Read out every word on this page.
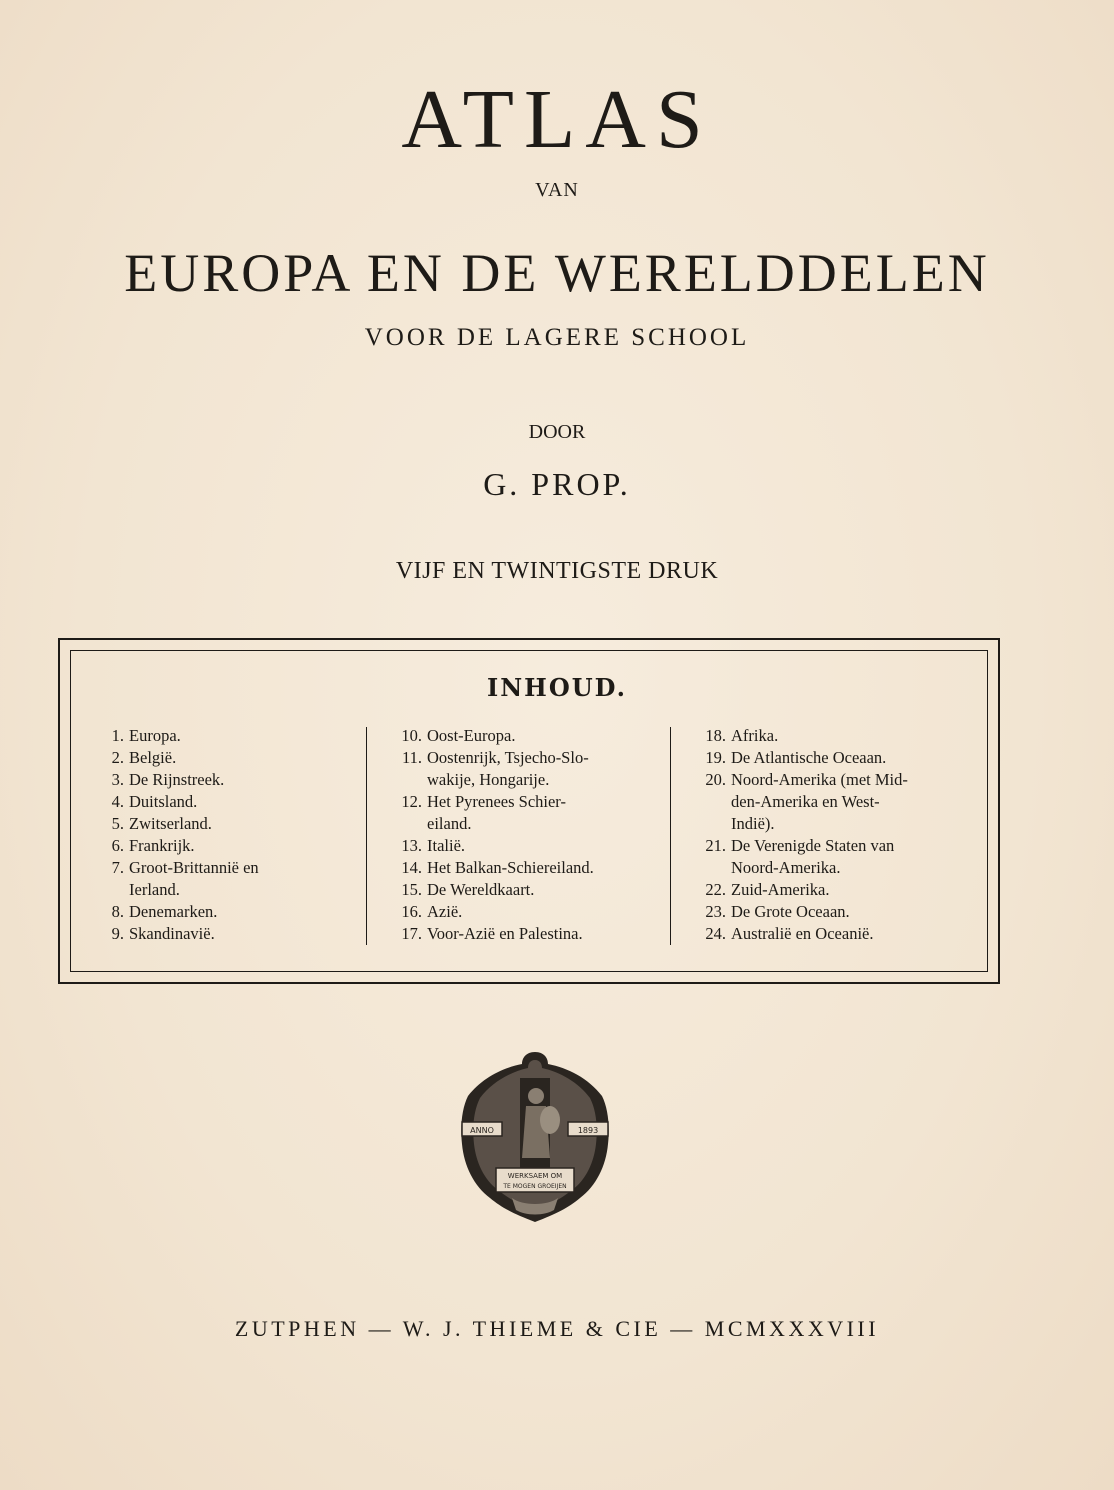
ATLAS
VAN
EUROPA EN DE WERELDDELEN
VOOR DE LAGERE SCHOOL
DOOR
G. PROP.
VIJF EN TWINTIGSTE DRUK
INHOUD.
1. Europa.
2. België.
3. De Rijnstreek.
4. Duitsland.
5. Zwitserland.
6. Frankrijk.
7. Groot-Brittannië en
Ierland.
8. Denemarken.
9. Skandinavië.
10. Oost-Europa.
11. Oostenrijk, Tsjecho-Slo-
wakije, Hongarije.
12. Het Pyrenees Schier-
eiland.
13. Italië.
14. Het Balkan-Schiereiland.
15. De Wereldkaart.
16. Azië.
17. Voor-Azië en Palestina.
18. Afrika.
19. De Atlantische Oceaan.
20. Noord-Amerika (met Mid-
den-Amerika en West-
Indië).
21. De Verenigde Staten van
Noord-Amerika.
22. Zuid-Amerika.
23. De Grote Oceaan.
24. Australië en Oceanië.
ANNO	1893
WERKSAEM OM
TE MOGEN GROEIJEN
ZUTPHEN — W. J. THIEME & CIE — MCMXXXVIII
